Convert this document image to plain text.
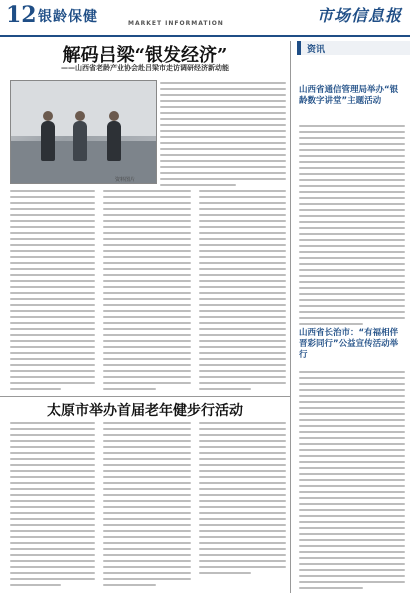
12 银龄保健	MARKET INFORMATION	市场信息报
解码吕梁“银发经济”
——山西省老龄产业协会赴吕梁市走访调研经济新动能
资料图片
太原市举办首届老年健步行活动
资讯
山西省通信管理局举办“银龄数字讲堂”主题活动
山西省长治市：“有福相伴晋彩同行”公益宣传活动举行
